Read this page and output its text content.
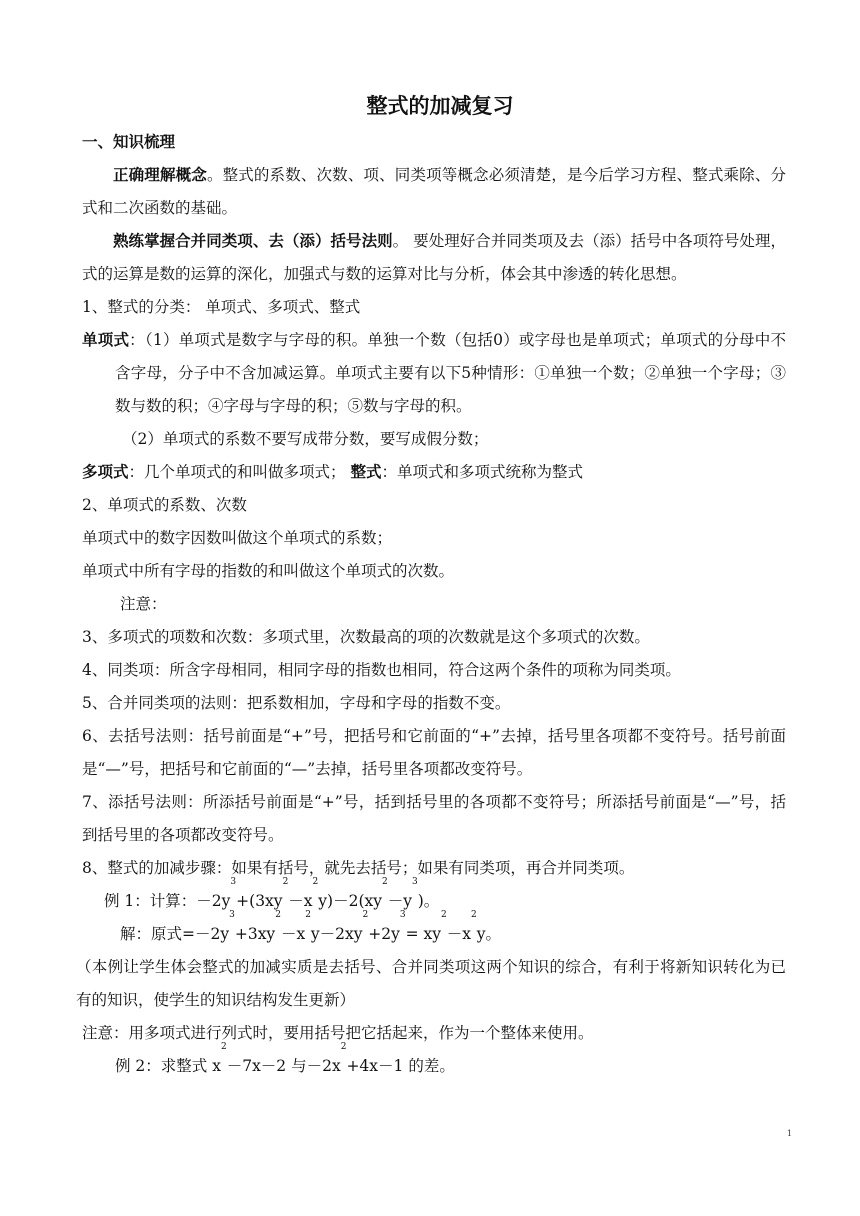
整式的加减复习

一、知识梳理

正确理解概念。整式的系数、次数、项、同类项等概念必须清楚，是今后学习方程、整式乘除、分式和二次函数的基础。

熟练掌握合并同类项、去（添）括号法则。 要处理好合并同类项及去（添）括号中各项符号处理，式的运算是数的运算的深化，加强式与数的运算对比与分析，体会其中渗透的转化思想。

1、整式的分类： 单项式、多项式、整式

单项式：（1）单项式是数字与字母的积。单独一个数（包括0）或字母也是单项式；单项式的分母中不含字母，分子中不含加减运算。单项式主要有以下5种情形：①单独一个数；②单独一个字母；③数与数的积；④字母与字母的积；⑤数与字母的积。

（2）单项式的系数不要写成带分数，要写成假分数；

多项式：几个单项式的和叫做多项式； 整式：单项式和多项式统称为整式

2、单项式的系数、次数

单项式中的数字因数叫做这个单项式的系数；

单项式中所有字母的指数的和叫做这个单项式的次数。

注意：

3、多项式的项数和次数：多项式里，次数最高的项的次数就是这个多项式的次数。

4、同类项：所含字母相同，相同字母的指数也相同，符合这两个条件的项称为同类项。

5、合并同类项的法则：把系数相加，字母和字母的指数不变。

6、去括号法则：括号前面是“+”号，把括号和它前面的“+”去掉，括号里各项都不变符号。括号前面是“—”号，把括号和它前面的“—”去掉，括号里各项都改变符号。

7、添括号法则：所添括号前面是“+”号，括到括号里的各项都不变符号；所添括号前面是“—”号，括到括号里的各项都改变符号。

8、整式的加减步骤：如果有括号，就先去括号；如果有同类项，再合并同类项。

例 1：计算：$-2y^3+(3xy^2-x^2y)-2(xy^2-y^3)$。

解：原式$=-2y^3+3xy^2-x^2y-2xy^2+2y^3= xy^2-x^2y$。

（本例让学生体会整式的加减实质是去括号、合并同类项这两个知识的综合，有利于将新知识转化为已有的知识，使学生的知识结构发生更新）

注意：用多项式进行列式时，要用括号把它括起来，作为一个整体来使用。

例 2：求整式 $x^2-7x-2$ 与$-2x^2+4x-1$ 的差。

1
